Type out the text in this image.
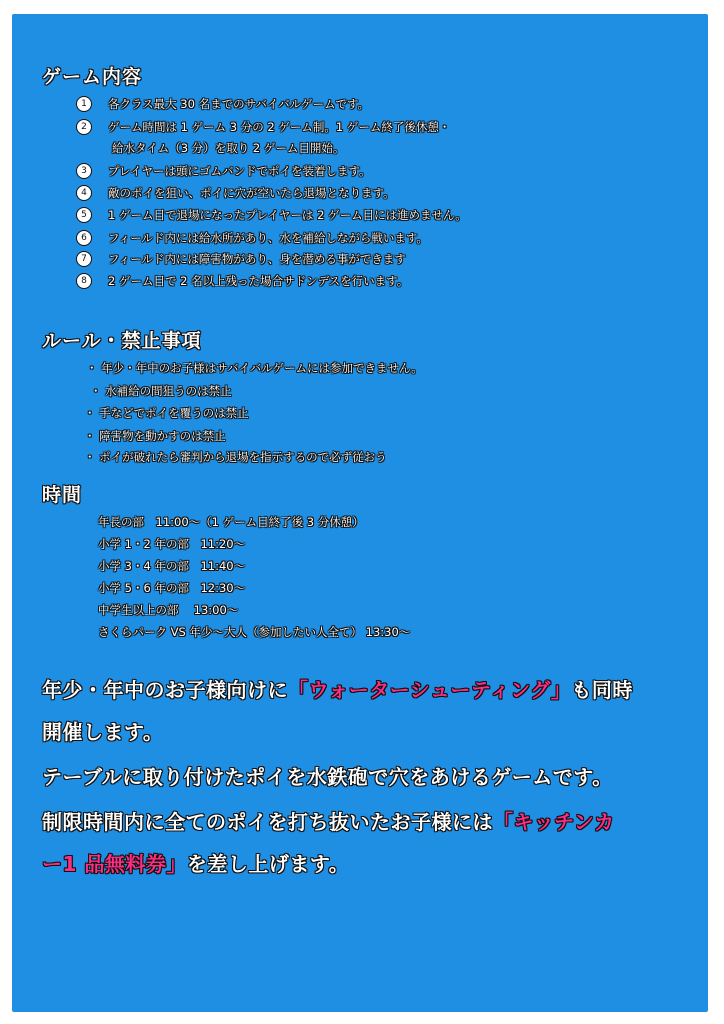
ゲーム内容
1	各クラス最大 30 名までのサバイバルゲームです。
2	ゲーム時間は 1 ゲーム 3 分の 2 ゲーム制。1 ゲーム終了後休憩・
給水タイム（3 分）を取り 2 ゲーム目開始。
3	プレイヤーは頭にゴムバンドでポイを装着します。
4	敵のポイを狙い、ポイに穴が空いたら退場となります。
5	1 ゲーム目で退場になったプレイヤーは 2 ゲーム目には進めません。
6	フィールド内には給水所があり、水を補給しながら戦います。
7	フィールド内には障害物があり、身を潜める事ができます
8	2 ゲーム目で 2 名以上残った場合サドンデスを行います。
ルール・禁止事項
・ 年少・年中のお子様はサバイバルゲームには参加できません。
・ 水補給の間狙うのは禁止
・ 手などでポイを覆うのは禁止
・ 障害物を動かすのは禁止
・ ポイが破れたら審判から退場を指示するので必ず従おう
時間
年長の部　11:00〜（1 ゲーム目終了後 3 分休憩）
小学 1・2 年の部　11:20〜
小学 3・4 年の部　11:40〜
小学 5・6 年の部　12:30〜
中学生以上の部　 13:00〜
さくらパーク VS 年少〜大人（参加したい人全て） 13:30〜
年少・年中のお子様向けに「ウォーターシューティング」も同時
開催します。
テーブルに取り付けたポイを水鉄砲で穴をあけるゲームです。
制限時間内に全てのポイを打ち抜いたお子様には「キッチンカ
ー1 品無料券」を差し上げます。
